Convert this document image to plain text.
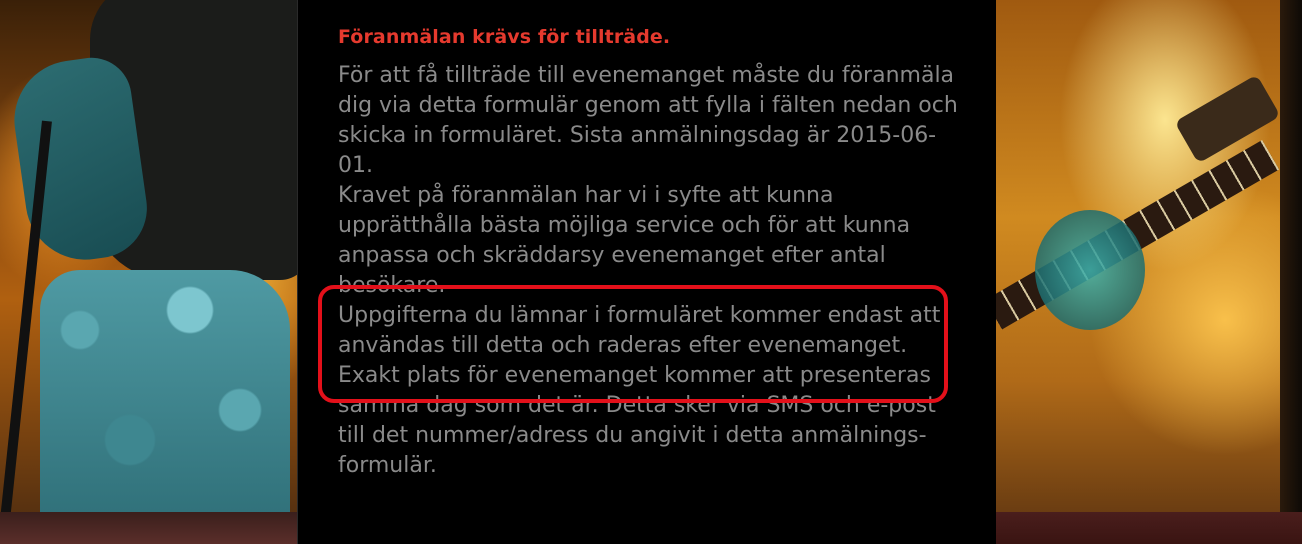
Föranmälan krävs för tillträde.

För att få tillträde till evenemanget måste du föranmäla dig via detta formulär genom att fylla i fälten nedan och skicka in formuläret. Sista anmälningsdag är 2015-06-01.

Kravet på föranmälan har vi i syfte att kunna upprätthålla bästa möjliga service och för att kunna anpassa och skräddarsy evenemanget efter antal besökare.

Uppgifterna du lämnar i formuläret kommer endast att användas till detta och raderas efter evenemanget.

Exakt plats för evenemanget kommer att presenteras samma dag som det är. Detta sker via SMS och e-post till det nummer/adress du angivit i detta anmälnings-formulär.
